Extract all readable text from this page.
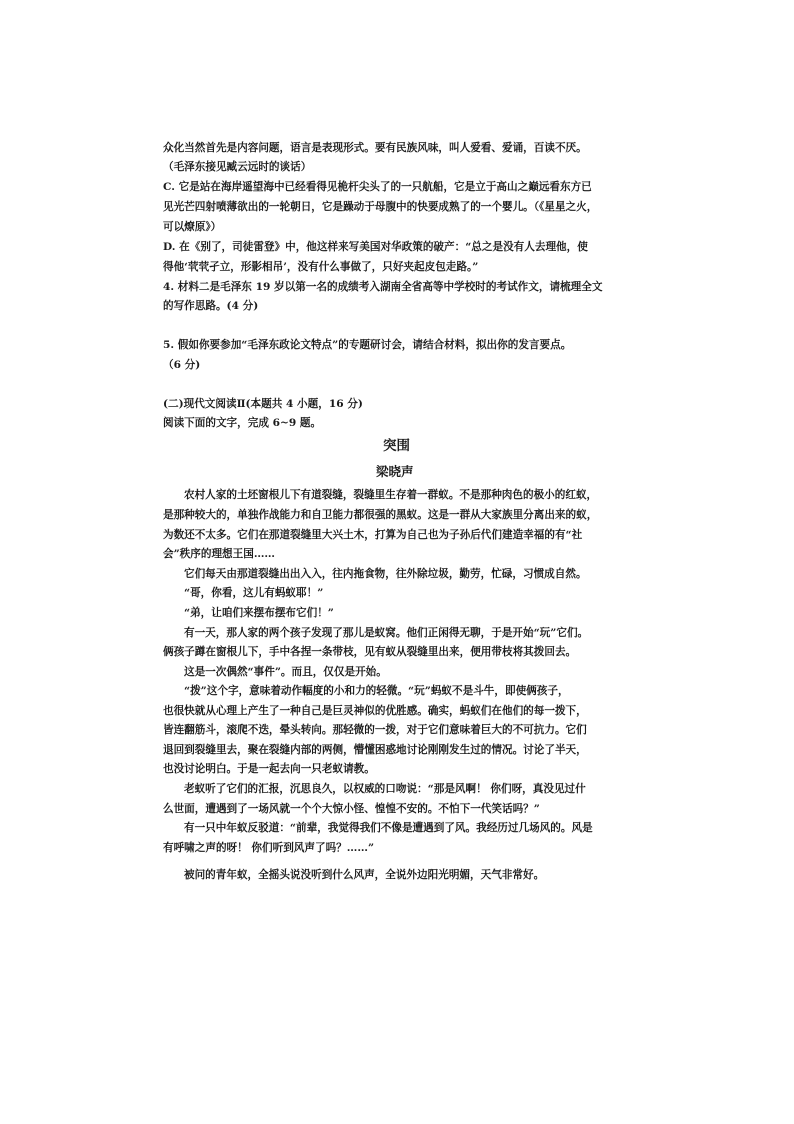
众化当然首先是内容问题，语言是表现形式。要有民族风味，叫人爱看、爱诵，百读不厌。
（毛泽东接见臧云远时的谈话）
C. 它是站在海岸遥望海中已经看得见桅杆尖头了的一只航船，它是立于高山之巅远看东方已
见光芒四射喷薄欲出的一轮朝日，它是躁动于母腹中的快要成熟了的一个婴儿。（《星星之火，
可以燎原》）
D. 在《别了，司徒雷登》中，他这样来写美国对华政策的破产：“总之是没有人去理他，使
得他‘茕茕孑立，形影相吊’，没有什么事做了，只好夹起皮包走路。”
4. 材料二是毛泽东 19 岁以第一名的成绩考入湖南全省高等中学校时的考试作文，请梳理全文
的写作思路。(4 分)
5. 假如你要参加“毛泽东政论文特点”的专题研讨会，请结合材料，拟出你的发言要点。
（6 分)
(二)现代文阅读Ⅱ(本题共 4 小题，16 分)
阅读下面的文字，完成 6~9 题。
突围
梁晓声
农村人家的土坯窗根儿下有道裂缝，裂缝里生存着一群蚁。不是那种肉色的极小的红蚁，
是那种较大的，单独作战能力和自卫能力都很强的黑蚁。这是一群从大家族里分离出来的蚁，
为数还不太多。它们在那道裂缝里大兴土木，打算为自己也为子孙后代们建造幸福的有“社
会”秩序的理想王国……
它们每天由那道裂缝出出入入，往内拖食物，往外除垃圾，勤劳，忙碌，习惯成自然。
“哥，你看，这儿有蚂蚁耶！”
“弟，让咱们来摆布摆布它们！”
有一天，那人家的两个孩子发现了那儿是蚁窝。他们正闲得无聊，于是开始“玩”它们。
俩孩子蹲在窗根儿下，手中各捏一条带枝，见有蚁从裂缝里出来，便用带枝将其拨回去。
这是一次偶然“事件”。而且，仅仅是开始。
“拨”这个字，意味着动作幅度的小和力的轻微。“玩”蚂蚁不是斗牛，即使俩孩子，
也很快就从心理上产生了一种自己是巨灵神似的优胜感。确实，蚂蚁们在他们的每一拨下，
皆连翻筋斗，滚爬不迭，晕头转向。那轻微的一拨，对于它们意味着巨大的不可抗力。它们
退回到裂缝里去，聚在裂缝内部的两侧，懵懂困惑地讨论刚刚发生过的情况。讨论了半天，
也没讨论明白。于是一起去向一只老蚁请教。
老蚁听了它们的汇报，沉思良久，以权威的口吻说：“那是风啊！ 你们呀，真没见过什
么世面，遭遇到了一场风就一个个大惊小怪、惶惶不安的。不怕下一代笑话吗？”
有一只中年蚁反驳道：“前辈，我觉得我们不像是遭遇到了风。我经历过几场风的。风是
有呼啸之声的呀！ 你们听到风声了吗？……”
被问的青年蚁，全摇头说没听到什么风声，全说外边阳光明媚，天气非常好。
